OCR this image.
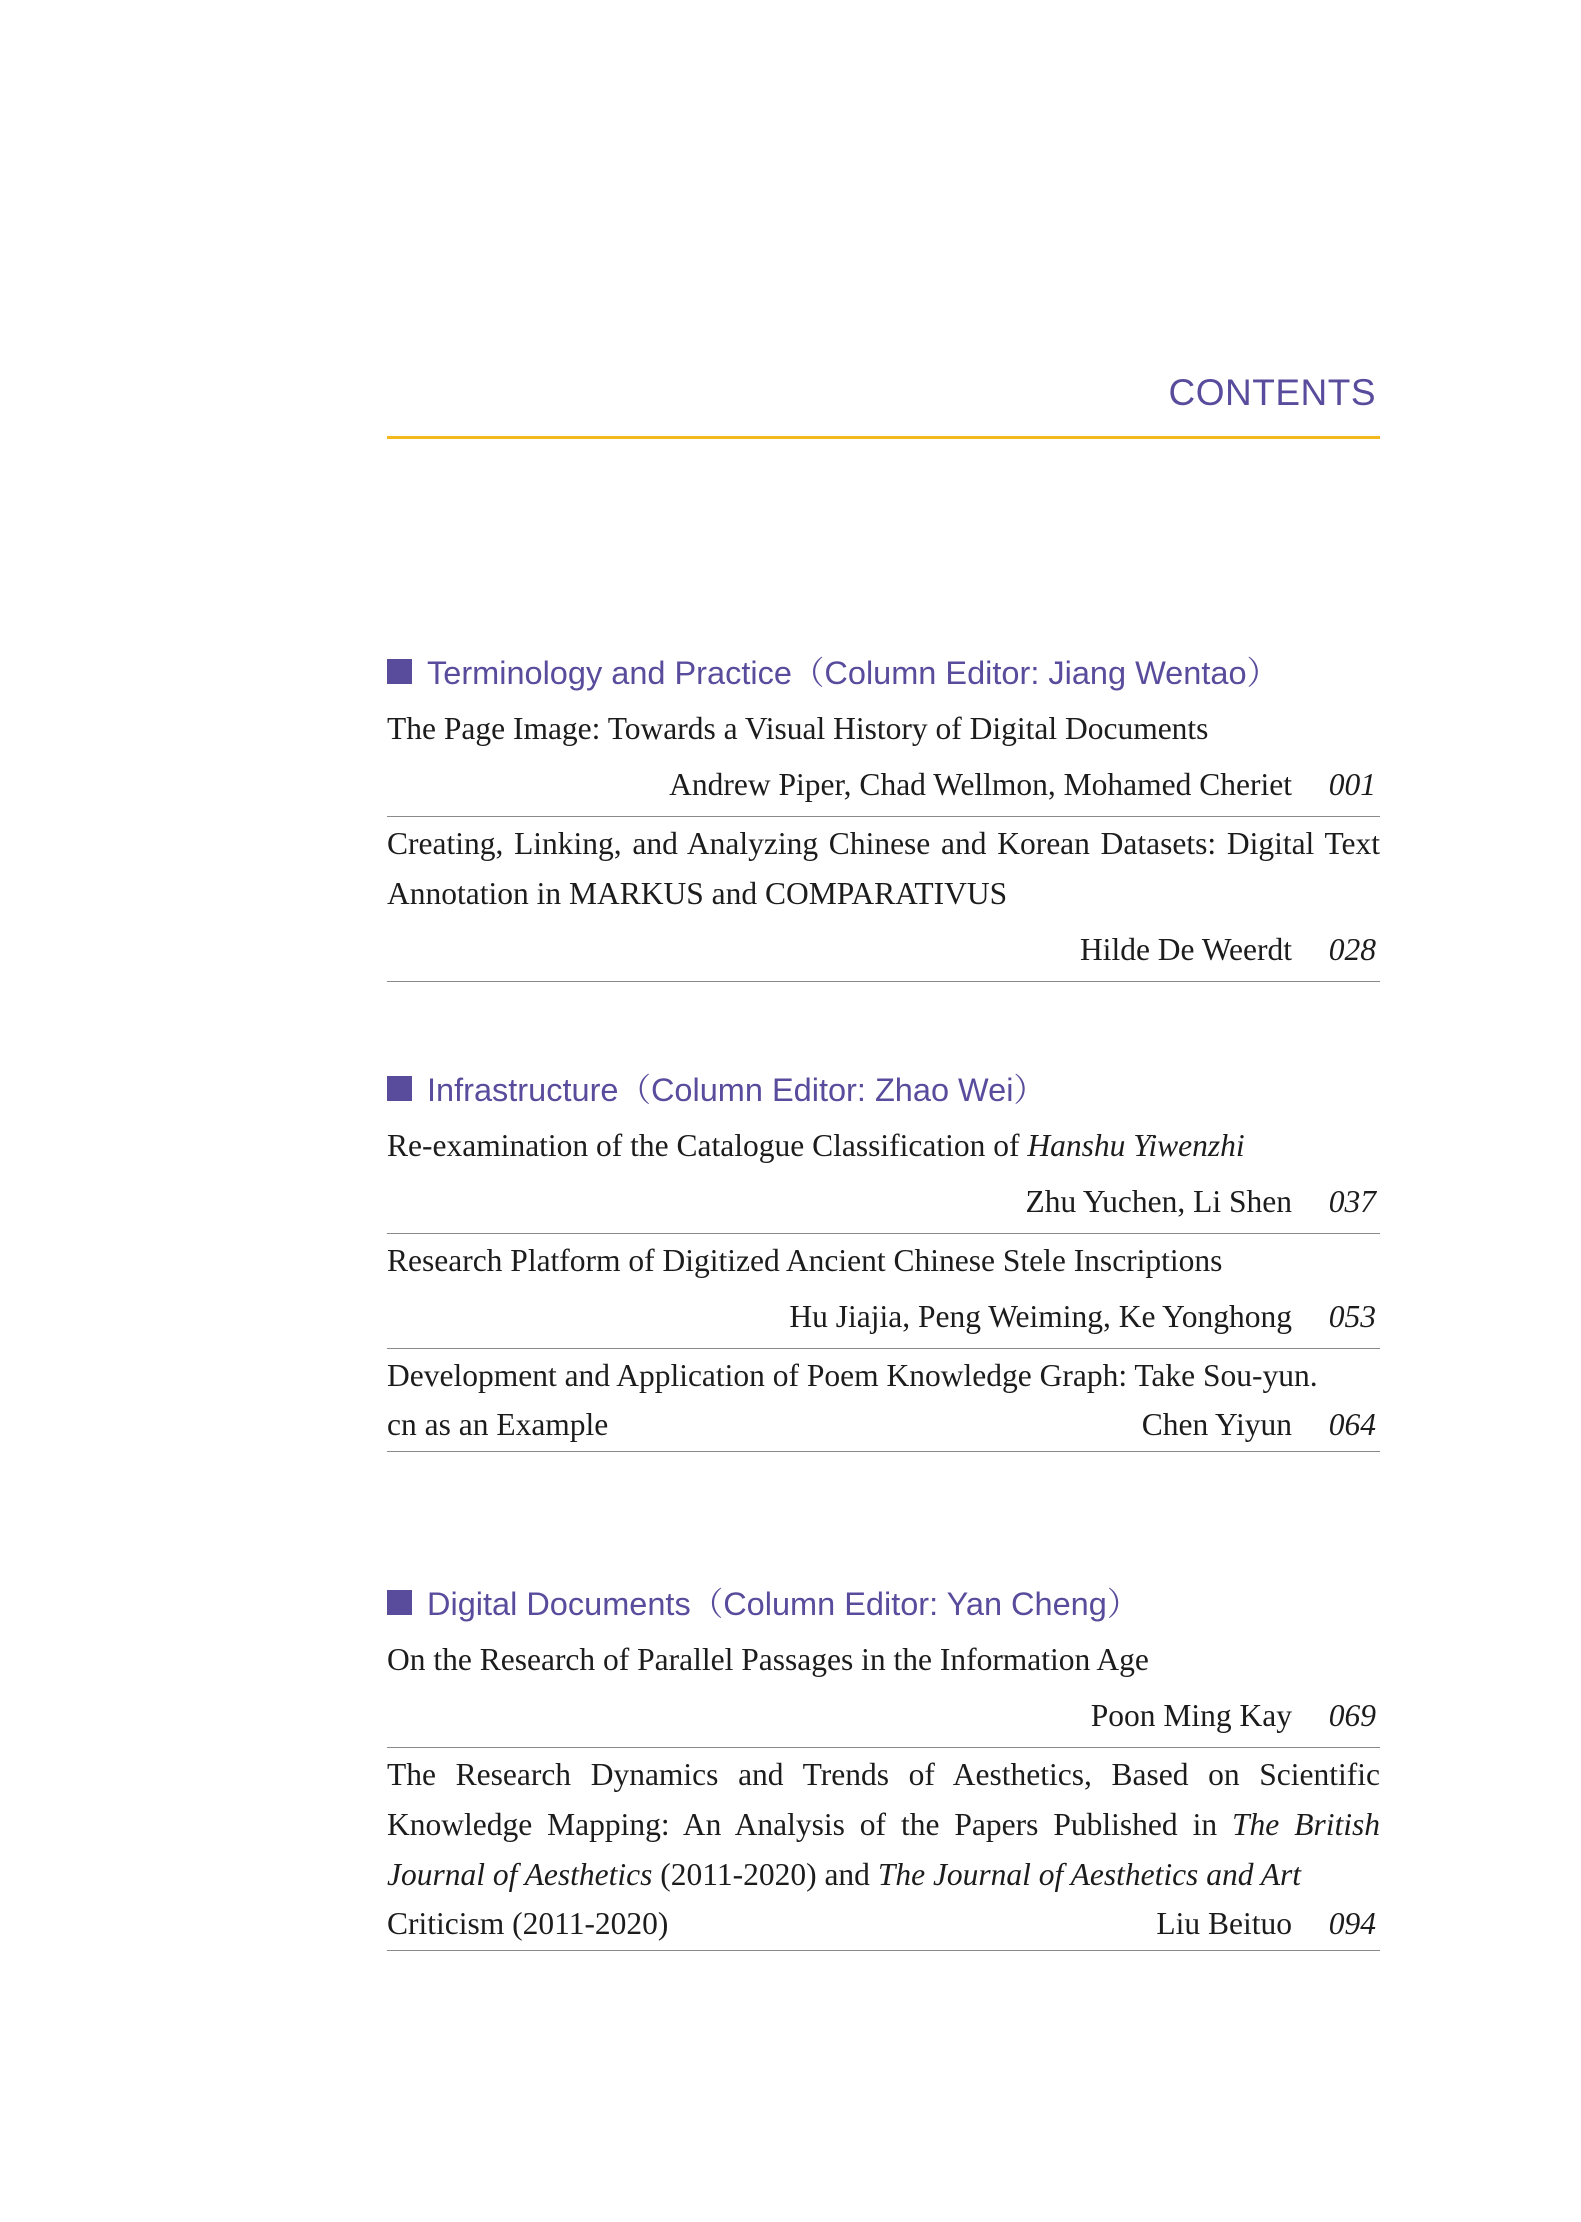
CONTENTS
Terminology and Practice（Column Editor: Jiang Wentao）
The Page Image: Towards a Visual History of Digital Documents
Andrew Piper, Chad Wellmon, Mohamed Cheriet 001
Creating, Linking, and Analyzing Chinese and Korean Datasets: Digital Text Annotation in MARKUS and COMPARATIVUS
Hilde De Weerdt 028
Infrastructure（Column Editor: Zhao Wei）
Re-examination of the Catalogue Classification of Hanshu Yiwenzhi
Zhu Yuchen, Li Shen 037
Research Platform of Digitized Ancient Chinese Stele Inscriptions
Hu Jiajia, Peng Weiming, Ke Yonghong 053
Development and Application of Poem Knowledge Graph: Take Sou-yun.
cn as an Example	Chen Yiyun 064
Digital Documents（Column Editor: Yan Cheng）
On the Research of Parallel Passages in the Information Age
Poon Ming Kay 069
The Research Dynamics and Trends of Aesthetics, Based on Scientific Knowledge Mapping: An Analysis of the Papers Published in The British Journal of Aesthetics (2011-2020) and The Journal of Aesthetics and Art
Criticism (2011-2020)	Liu Beituo 094
